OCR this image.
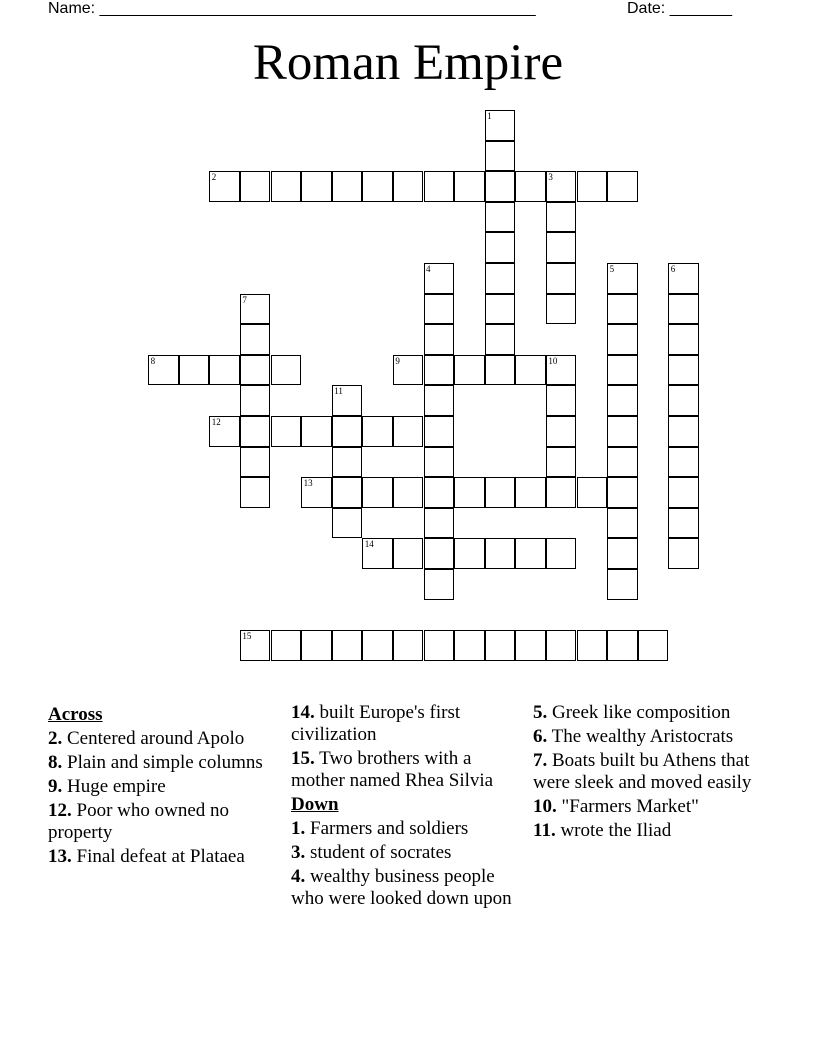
Name: _________________________________________________	Date: _______
Roman Empire
1
2	3
4	5	6
7
8	9	10
11
12
13
14
15
Across
2. Centered around Apolo
8. Plain and simple columns
9. Huge empire
12. Poor who owned no property
13. Final defeat at Plataea
14. built Europe's first civilization
15. Two brothers with a mother named Rhea Silvia
Down
1. Farmers and soldiers
3. student of socrates
4. wealthy business people who were looked down upon
5. Greek like composition
6. The wealthy Aristocrats
7. Boats built bu Athens that were sleek and moved easily
10. "Farmers Market"
11. wrote the Iliad
